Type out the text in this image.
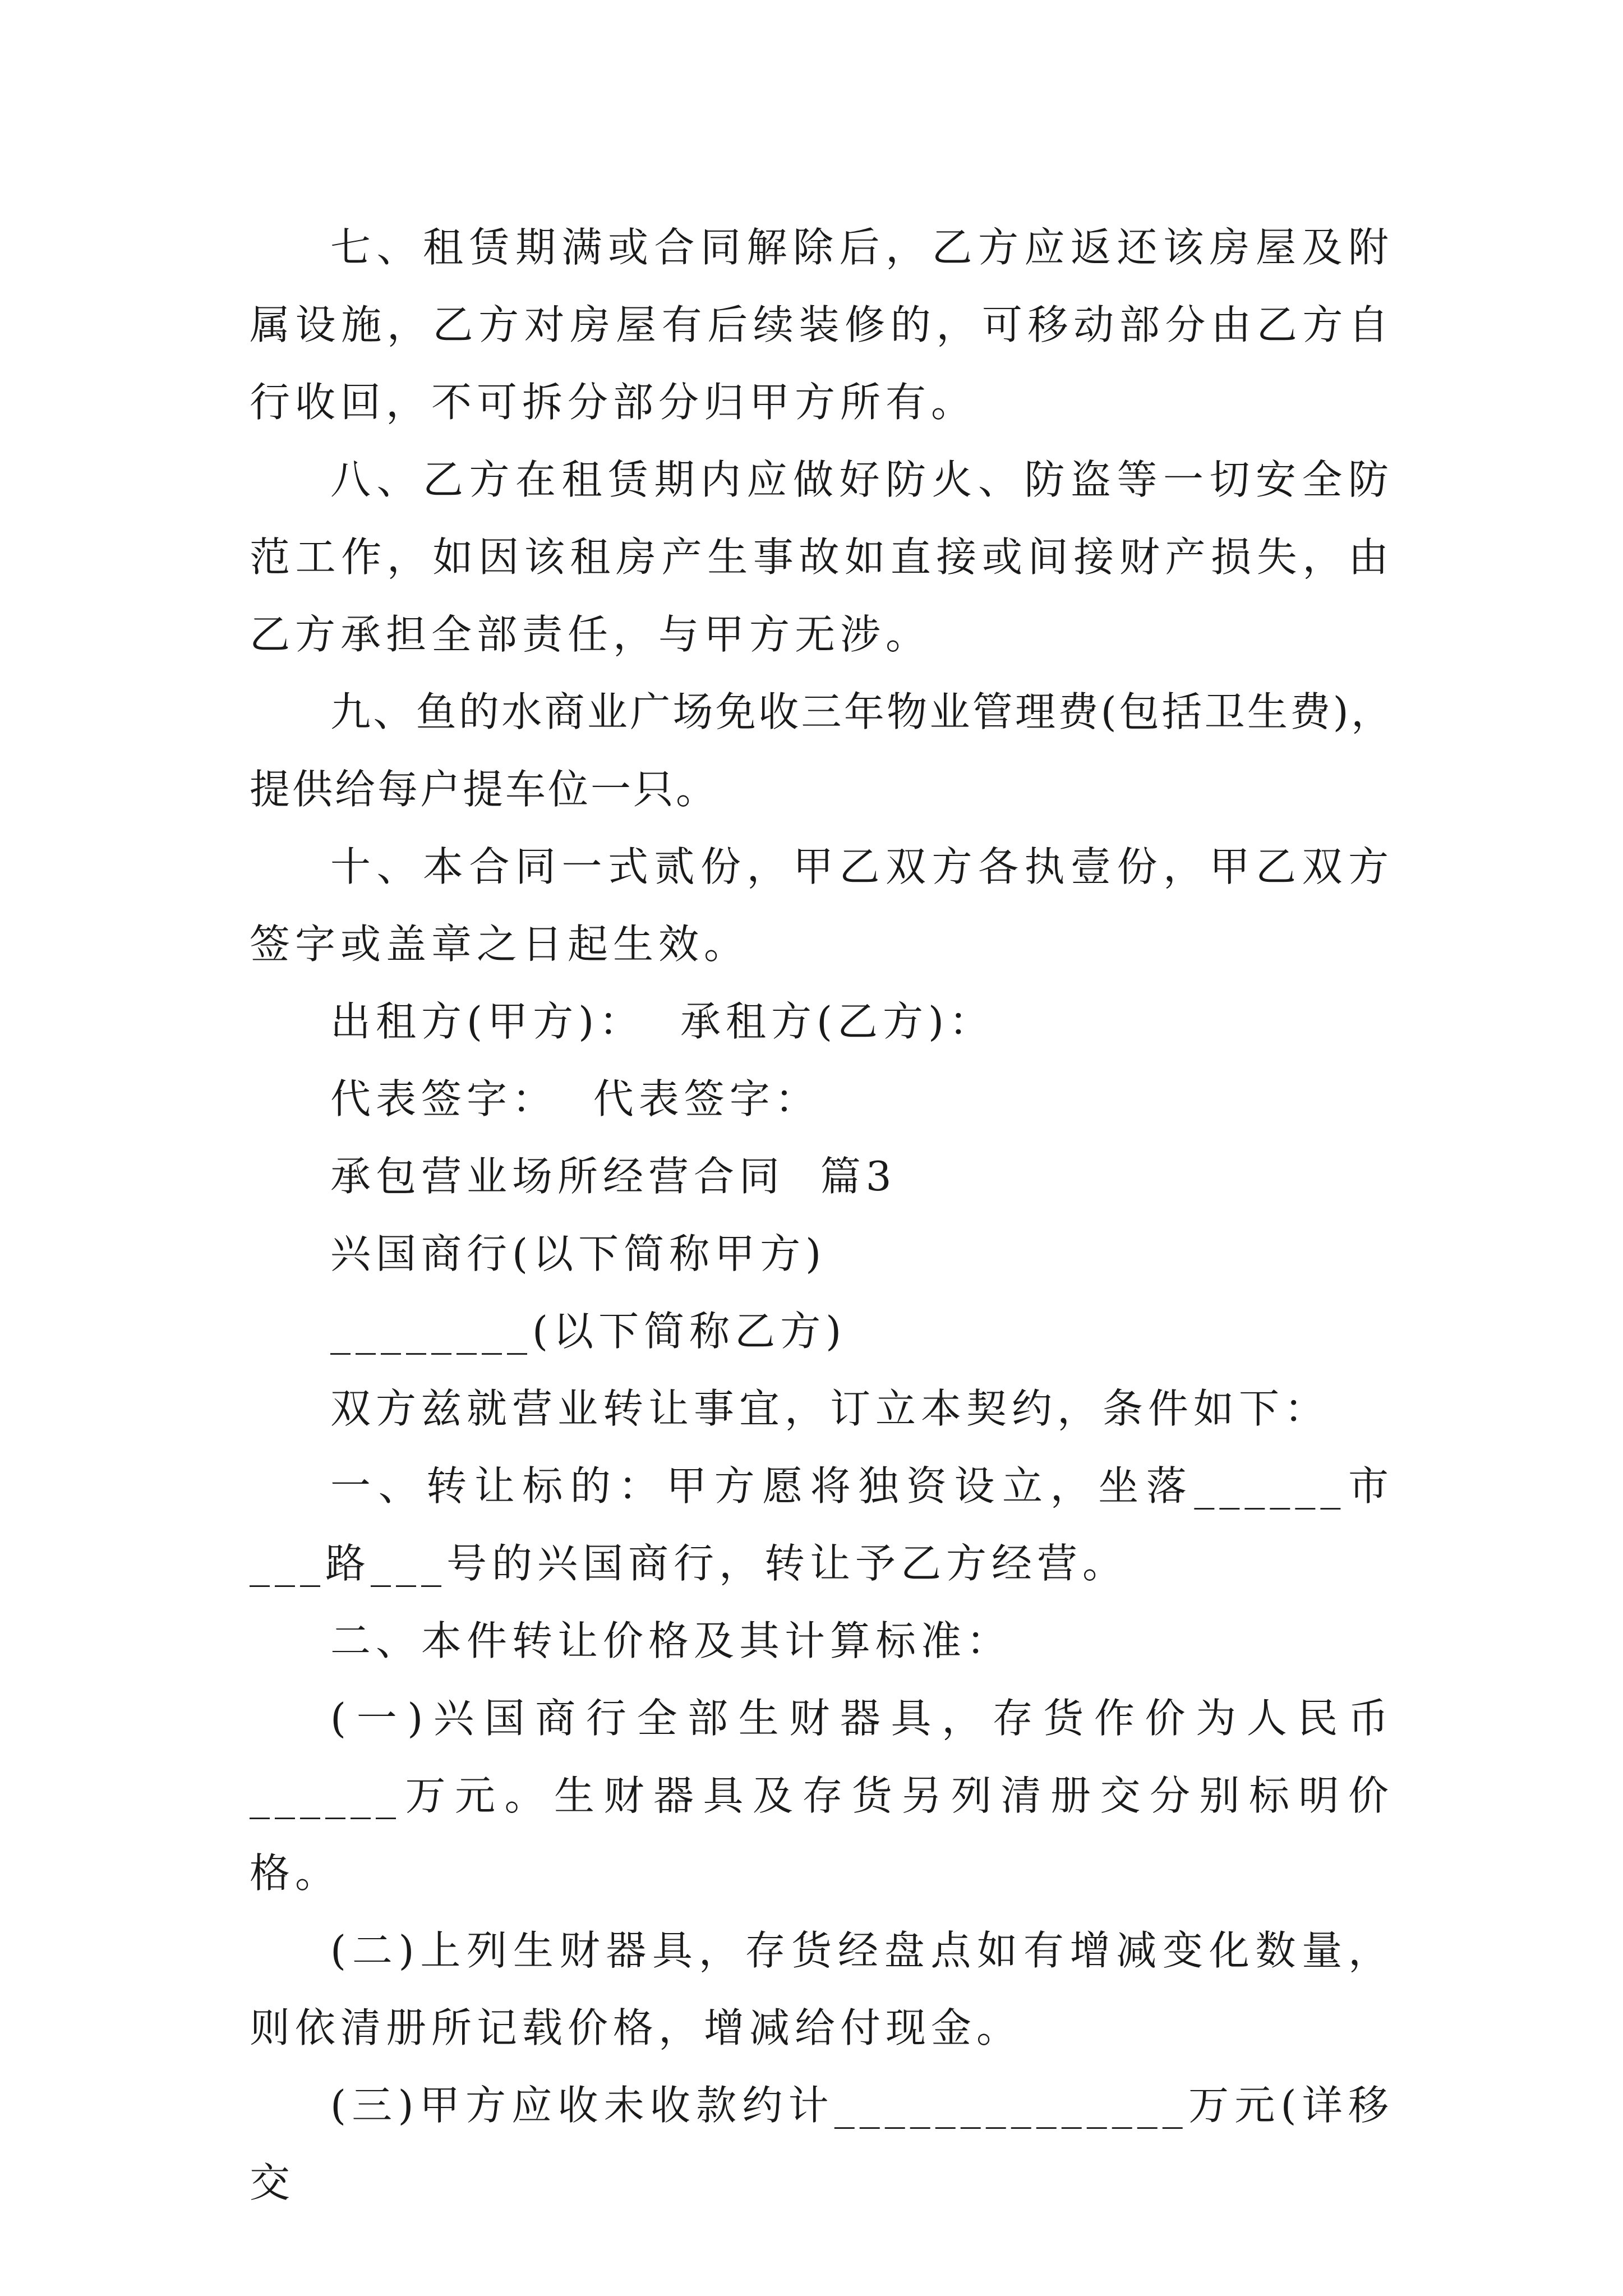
七、租赁期满或合同解除后，乙方应返还该房屋及附属设施，乙方对房屋有后续装修的，可移动部分由乙方自行收回，不可拆分部分归甲方所有。

八、乙方在租赁期内应做好防火、防盗等一切安全防范工作，如因该租房产生事故如直接或间接财产损失，由乙方承担全部责任，与甲方无涉。

九、鱼的水商业广场免收三年物业管理费(包括卫生费)，提供给每户提车位一只。

十、本合同一式贰份，甲乙双方各执壹份，甲乙双方签字或盖章之日起生效。

出租方(甲方)：  承租方(乙方)：

代表签字：  代表签字：

承包营业场所经营合同  篇3

兴国商行(以下简称甲方)

________(以下简称乙方)

双方兹就营业转让事宜，订立本契约，条件如下：

一、转让标的：甲方愿将独资设立，坐落______市___路___号的兴国商行，转让予乙方经营。

二、本件转让价格及其计算标准：

(一)兴国商行全部生财器具，存货作价为人民币______万元。生财器具及存货另列清册交分别标明价格。

(二)上列生财器具，存货经盘点如有增减变化数量，则依清册所记载价格，增减给付现金。

(三)甲方应收未收款约计______________万元(详移交
